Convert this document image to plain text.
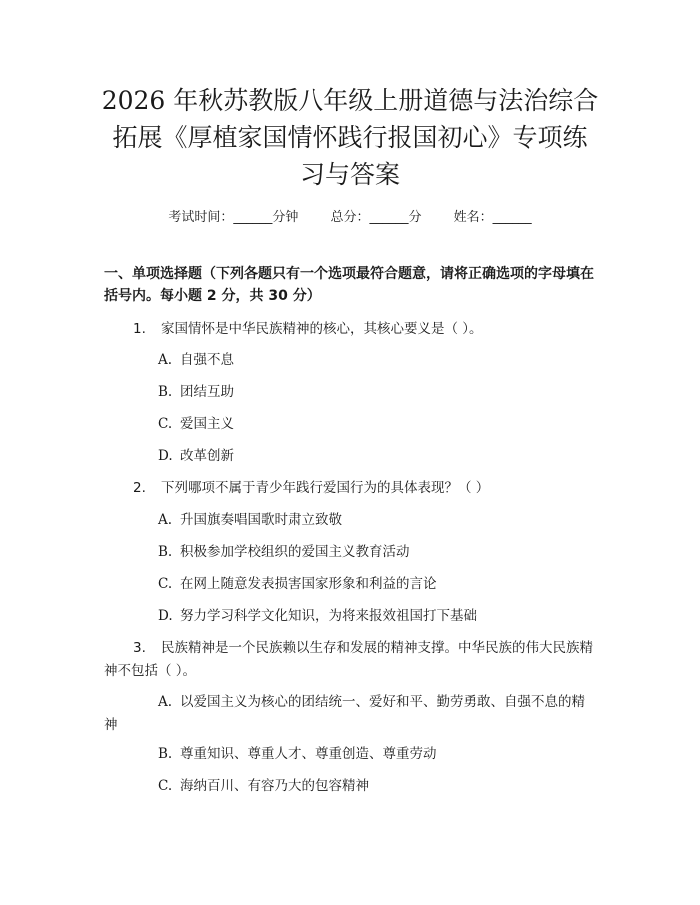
2026 年秋苏教版八年级上册道德与法治综合
拓展《厚植家国情怀践行报国初心》专项练
习与答案
考试时间：______分钟 总分：______分 姓名：______
一、单项选择题（下列各题只有一个选项最符合题意，请将正确选项的字母填在括号内。每小题 2 分，共 30 分）
1. 家国情怀是中华民族精神的核心，其核心要义是（ ）。
A. 自强不息
B. 团结互助
C. 爱国主义
D. 改革创新
2. 下列哪项不属于青少年践行爱国行为的具体表现？（ ）
A. 升国旗奏唱国歌时肃立致敬
B. 积极参加学校组织的爱国主义教育活动
C. 在网上随意发表损害国家形象和利益的言论
D. 努力学习科学文化知识，为将来报效祖国打下基础
3. 民族精神是一个民族赖以生存和发展的精神支撑。中华民族的伟大民族精
神不包括（ ）。
A. 以爱国主义为核心的团结统一、爱好和平、勤劳勇敢、自强不息的精
神
B. 尊重知识、尊重人才、尊重创造、尊重劳动
C. 海纳百川、有容乃大的包容精神
